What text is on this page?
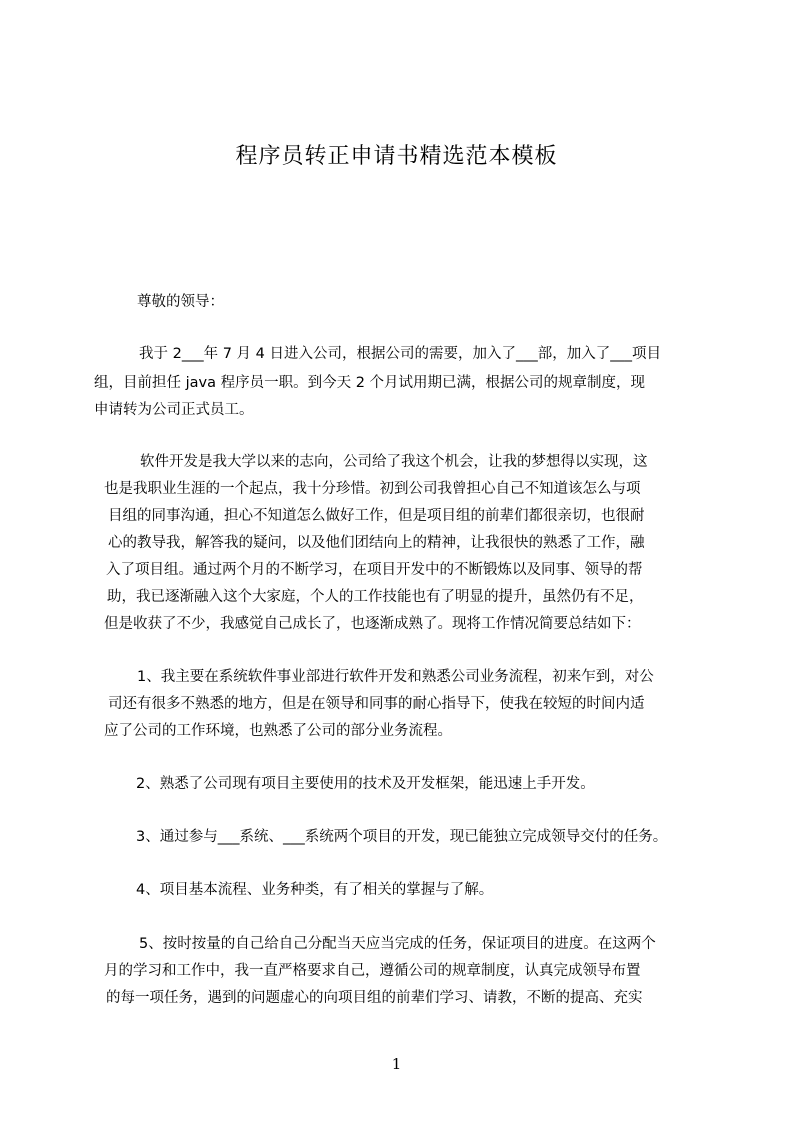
程序员转正申请书精选范本模板
尊敬的领导：
我于 2___年 7 月 4 日进入公司，根据公司的需要，加入了___部，加入了___项目
组，目前担任 java 程序员一职。到今天 2 个月试用期已满，根据公司的规章制度，现
申请转为公司正式员工。
软件开发是我大学以来的志向，公司给了我这个机会，让我的梦想得以实现，这
也是我职业生涯的一个起点，我十分珍惜。初到公司我曾担心自己不知道该怎么与项
目组的同事沟通，担心不知道怎么做好工作，但是项目组的前辈们都很亲切，也很耐
心的教导我，解答我的疑问，以及他们团结向上的精神，让我很快的熟悉了工作，融
入了项目组。通过两个月的不断学习，在项目开发中的不断锻炼以及同事、领导的帮
助，我已逐渐融入这个大家庭，个人的工作技能也有了明显的提升，虽然仍有不足，
但是收获了不少，我感觉自己成长了，也逐渐成熟了。现将工作情况简要总结如下：
1、我主要在系统软件事业部进行软件开发和熟悉公司业务流程，初来乍到，对公
司还有很多不熟悉的地方，但是在领导和同事的耐心指导下，使我在较短的时间内适
应了公司的工作环境，也熟悉了公司的部分业务流程。
2、熟悉了公司现有项目主要使用的技术及开发框架，能迅速上手开发。
3、通过参与___系统、___系统两个项目的开发，现已能独立完成领导交付的任务。
4、项目基本流程、业务种类，有了相关的掌握与了解。
5、按时按量的自己给自己分配当天应当完成的任务，保证项目的进度。在这两个
月的学习和工作中，我一直严格要求自己，遵循公司的规章制度，认真完成领导布置
的每一项任务，遇到的问题虚心的向项目组的前辈们学习、请教，不断的提高、充实
1
